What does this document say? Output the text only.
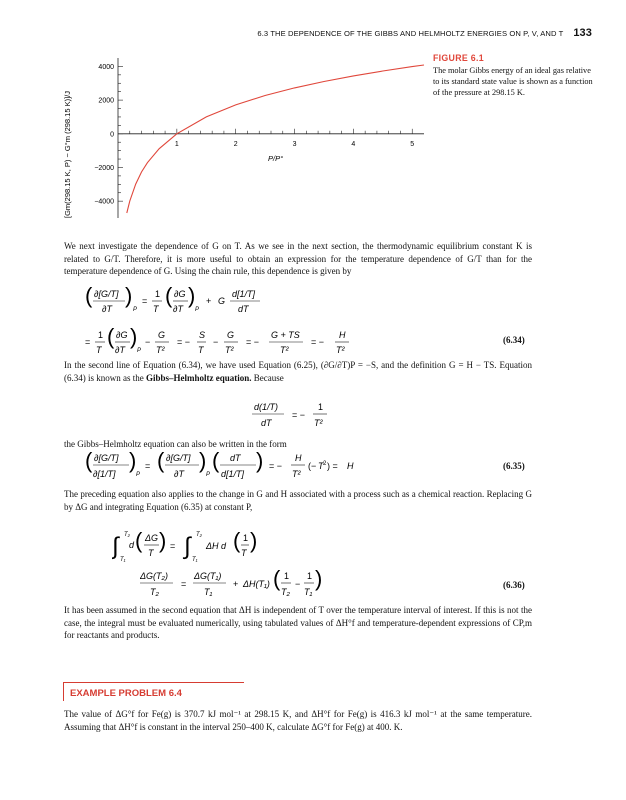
6.3 THE DEPENDENCE OF THE GIBBS AND HELMHOLTZ ENERGIES ON P, V, AND T 133
[Gm(298.15 K, P) − G°m (298.15 K)]/J
4000
2000
0
−2000
−4000
1	2	3	4	5
P/P°
FIGURE 6.1
The molar Gibbs energy of an ideal gas relative to its standard state value is shown as a function of the pressure at 298.15 K.
We next investigate the dependence of G on T. As we see in the next section, the thermodynamic equilibrium constant K is related to G/T. Therefore, it is more useful to obtain an expression for the temperature dependence of G/T than for the temperature dependence of G. Using the chain rule, this dependence is given by
( ∂[G/T]
∂T
)
P
=
1
T
( ∂G
∂T
)
P
+ G
d[1/T]
dT
=
1
T
( ∂G
∂T
)
P
−
G
T²
= −
S
T
−
G
T²
= −
G + TS
T²
= −
H
T²
(6.34)
In the second line of Equation (6.34), we have used Equation (6.25), (∂G/∂T)P = −S, and the definition G = H − TS. Equation (6.34) is known as the Gibbs–Helmholtz equation. Because
d(1/T)
dT
= −
1
T²
the Gibbs–Helmholtz equation can also be written in the form
( ∂[G/T]
∂[1/T]
)
P
= ( ∂[G/T]
∂T
)
P
( dT
d[1/T]
) = −
H
T²
(− T 2 ) = H	(6.35)
The preceding equation also applies to the change in G and H associated with a process such as a chemical reaction. Replacing G by ΔG and integrating Equation (6.35) at constant P,
∫ T₂
T₁
d ( ΔG
T ) = ∫ T₂
T₁
ΔH d ( 1
T )
ΔG(T₂)
T₂
=
ΔG(T₁)
T₁
+ ΔH(T₁) ( 1
T₂
−
1
T₁
)	(6.36)
It has been assumed in the second equation that ΔH is independent of T over the temperature interval of interest. If this is not the case, the integral must be evaluated numerically, using tabulated values of ΔH°f and temperature-dependent expressions of CP,m for reactants and products.
EXAMPLE PROBLEM 6.4
The value of ΔG°f for Fe(g) is 370.7 kJ mol⁻¹ at 298.15 K, and ΔH°f for Fe(g) is 416.3 kJ mol⁻¹ at the same temperature. Assuming that ΔH°f is constant in the interval 250–400 K, calculate ΔG°f for Fe(g) at 400. K.
